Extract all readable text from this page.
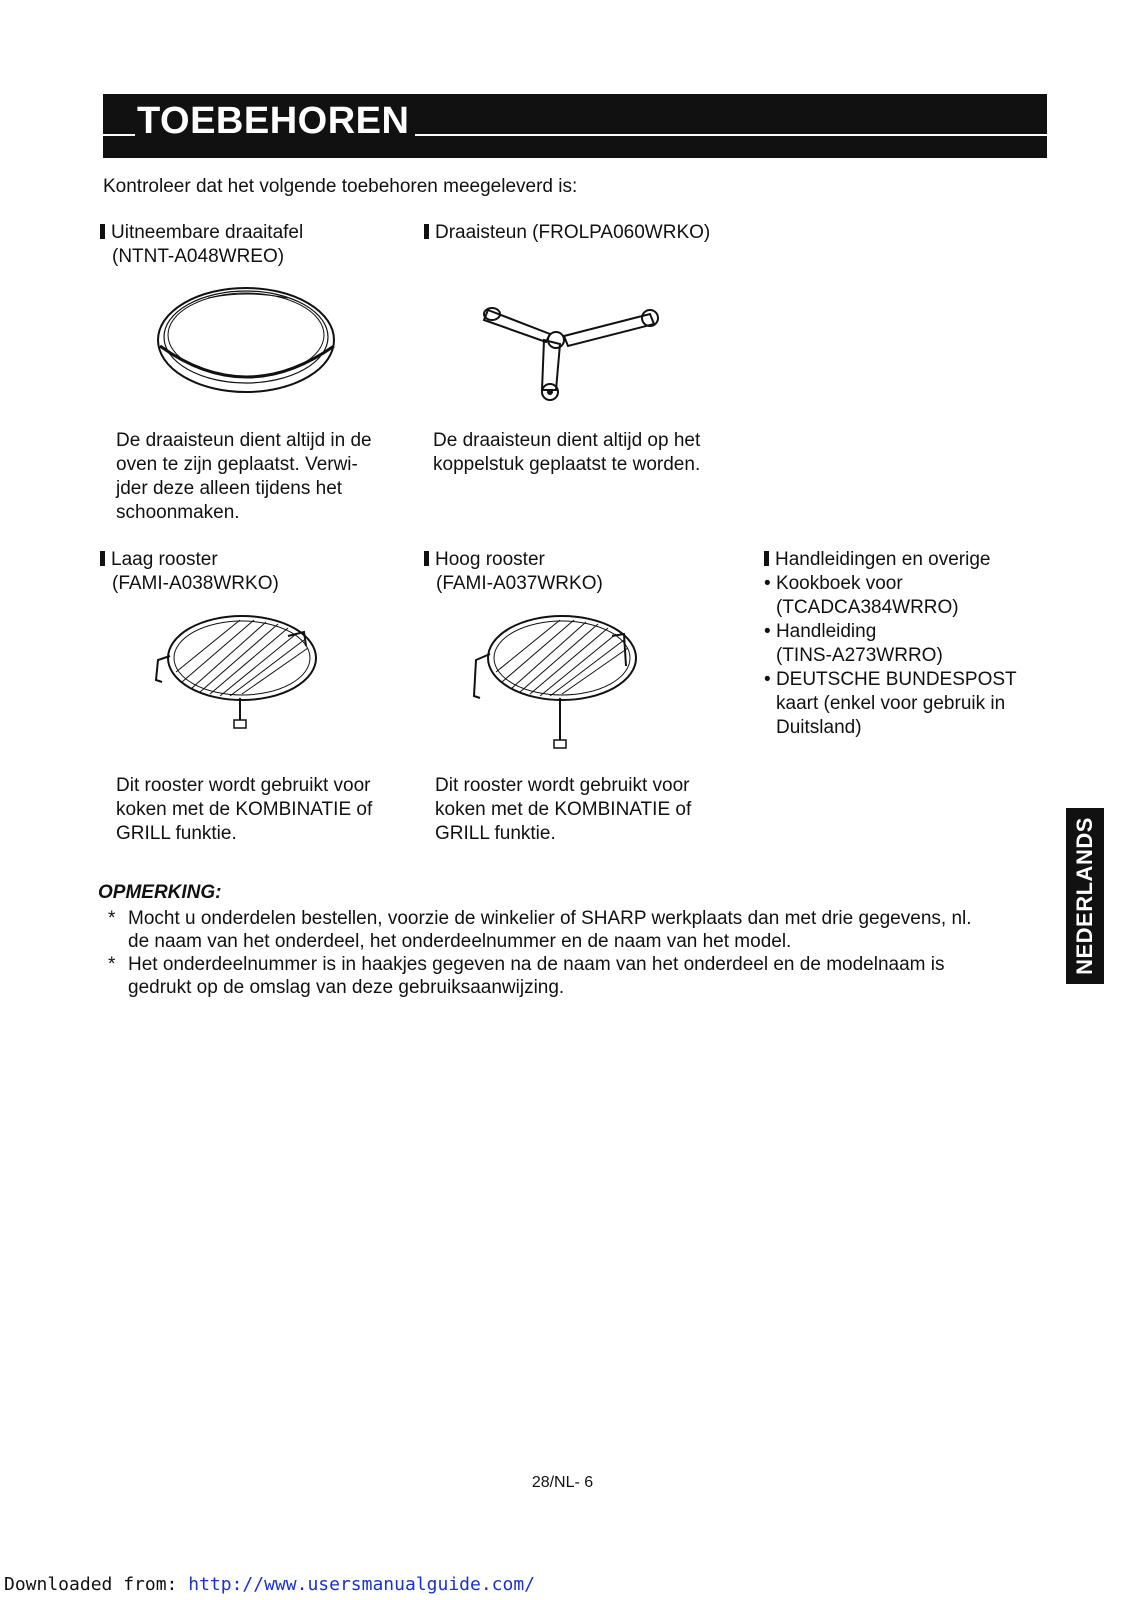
TOEBEHOREN
Kontroleer dat het volgende toebehoren meegeleverd is:
Uitneembare draaitafel
(NTNT-A048WREO)
De draaisteun dient altijd in de
oven te zijn geplaatst. Verwi-
jder deze alleen tijdens het
schoonmaken.
Draaisteun (FROLPA060WRKO)
De draaisteun dient altijd op het
koppelstuk geplaatst te worden.
Laag rooster
(FAMI-A038WRKO)
Dit rooster wordt gebruikt voor
koken met de KOMBINATIE of
GRILL funktie.
Hoog rooster
(FAMI-A037WRKO)
Dit rooster wordt gebruikt voor
koken met de KOMBINATIE of
GRILL funktie.
Handleidingen en overige
• Kookboek voor
(TCADCA384WRRO)
• Handleiding
(TINS-A273WRRO)
• DEUTSCHE BUNDESPOST
kaart (enkel voor gebruik in
Duitsland)
OPMERKING:
* Mocht u onderdelen bestellen, voorzie de winkelier of SHARP werkplaats dan met drie gegevens, nl.
de naam van het onderdeel, het onderdeelnummer en de naam van het model.
* Het onderdeelnummer is in haakjes gegeven na de naam van het onderdeel en de modelnaam is
gedrukt op de omslag van deze gebruiksaanwijzing.
NEDERLANDS
28/NL- 6
Downloaded from: http://www.usersmanualguide.com/
